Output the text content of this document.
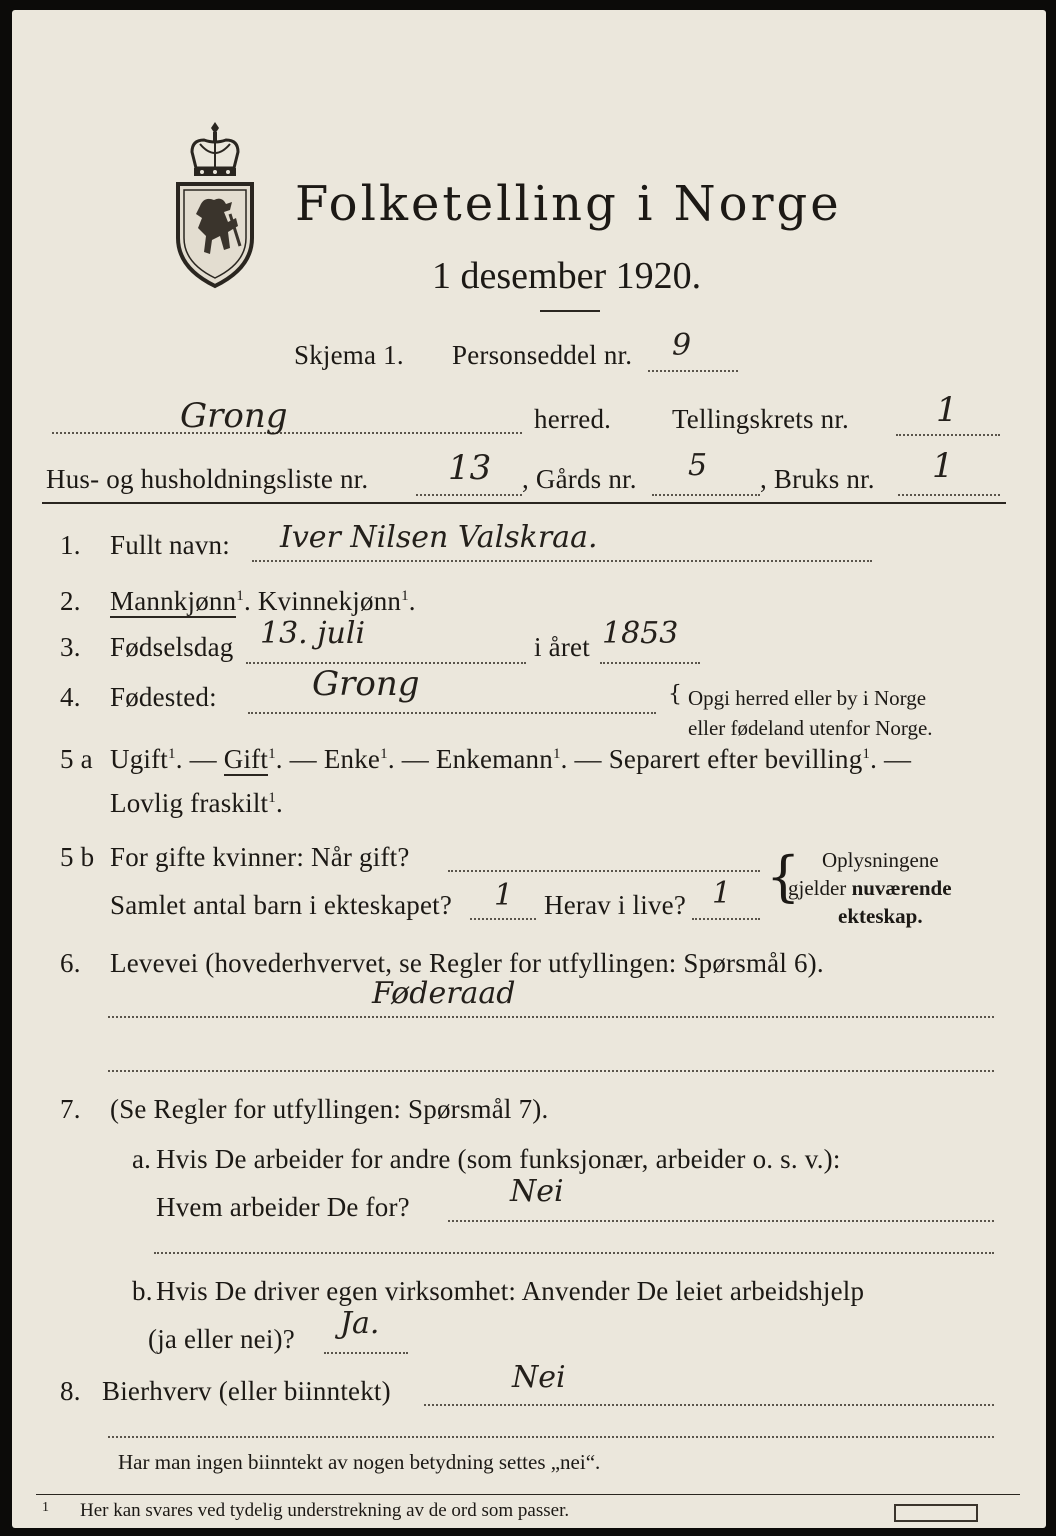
Folketelling i Norge
1 desember 1920.
Skjema 1. Personseddel nr. 9
Grong	herred. Tellingskrets nr.	1
Hus- og husholdningsliste nr. 13 , Gårds nr. 5 , Bruks nr. 1
1. Fullt navn: Iver Nilsen Valskraa.
2. Mannkjønn$^1$. Kvinnekjønn$^1$.
3. Fødselsdag 13. juli	i året 1853
4. Fødested:	Grong	{ Opgi herred eller by i Norge
eller fødeland utenfor Norge.
5 a Ugift$^1$. — Gift$^1$. — Enke$^1$. — Enkemann$^1$. — Separert efter bevilling$^1$. —
Lovlig fraskilt$^1$.
5 b For gifte kvinner: Når gift?
Samlet antal barn i ekteskapet? 1 Herav i live? 1 { Oplysningene
gjelder nuværende
ekteskap.
6. Levevei (hovederhvervet, se Regler for utfyllingen: Spørsmål 6).
Føderaad
7. (Se Regler for utfyllingen: Spørsmål 7).
a. Hvis De arbeider for andre (som funksjonær, arbeider o. s. v.):
Hvem arbeider De for?	Nei
b. Hvis De driver egen virksomhet: Anvender De leiet arbeidshjelp
(ja eller nei)? Ja.
8. Bierhverv (eller biinntekt)	Nei
Har man ingen biinntekt av nogen betydning settes „nei“.
1 Her kan svares ved tydelig understrekning av de ord som passer.
